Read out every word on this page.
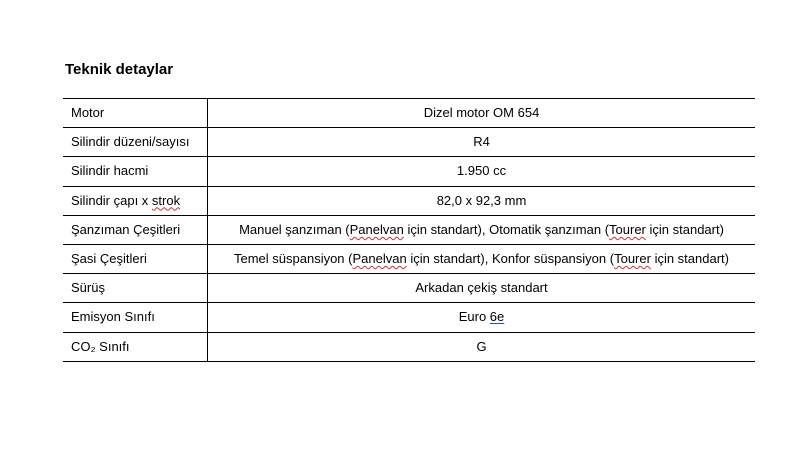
Teknik detaylar
Motor	Dizel motor OM 654
Silindir düzeni/sayısı	R4
Silindir hacmi	1.950 cc
Silindir çapı x strok	82,0 x 92,3 mm
Şanzıman Çeşitleri	Manuel şanzıman (Panelvan için standart), Otomatik şanzıman (Tourer için standart)
Şasi Çeşitleri	Temel süspansiyon (Panelvan için standart), Konfor süspansiyon (Tourer için standart)
Sürüş	Arkadan çekiş standart
Emisyon Sınıfı	Euro 6e
CO₂ Sınıfı	G
